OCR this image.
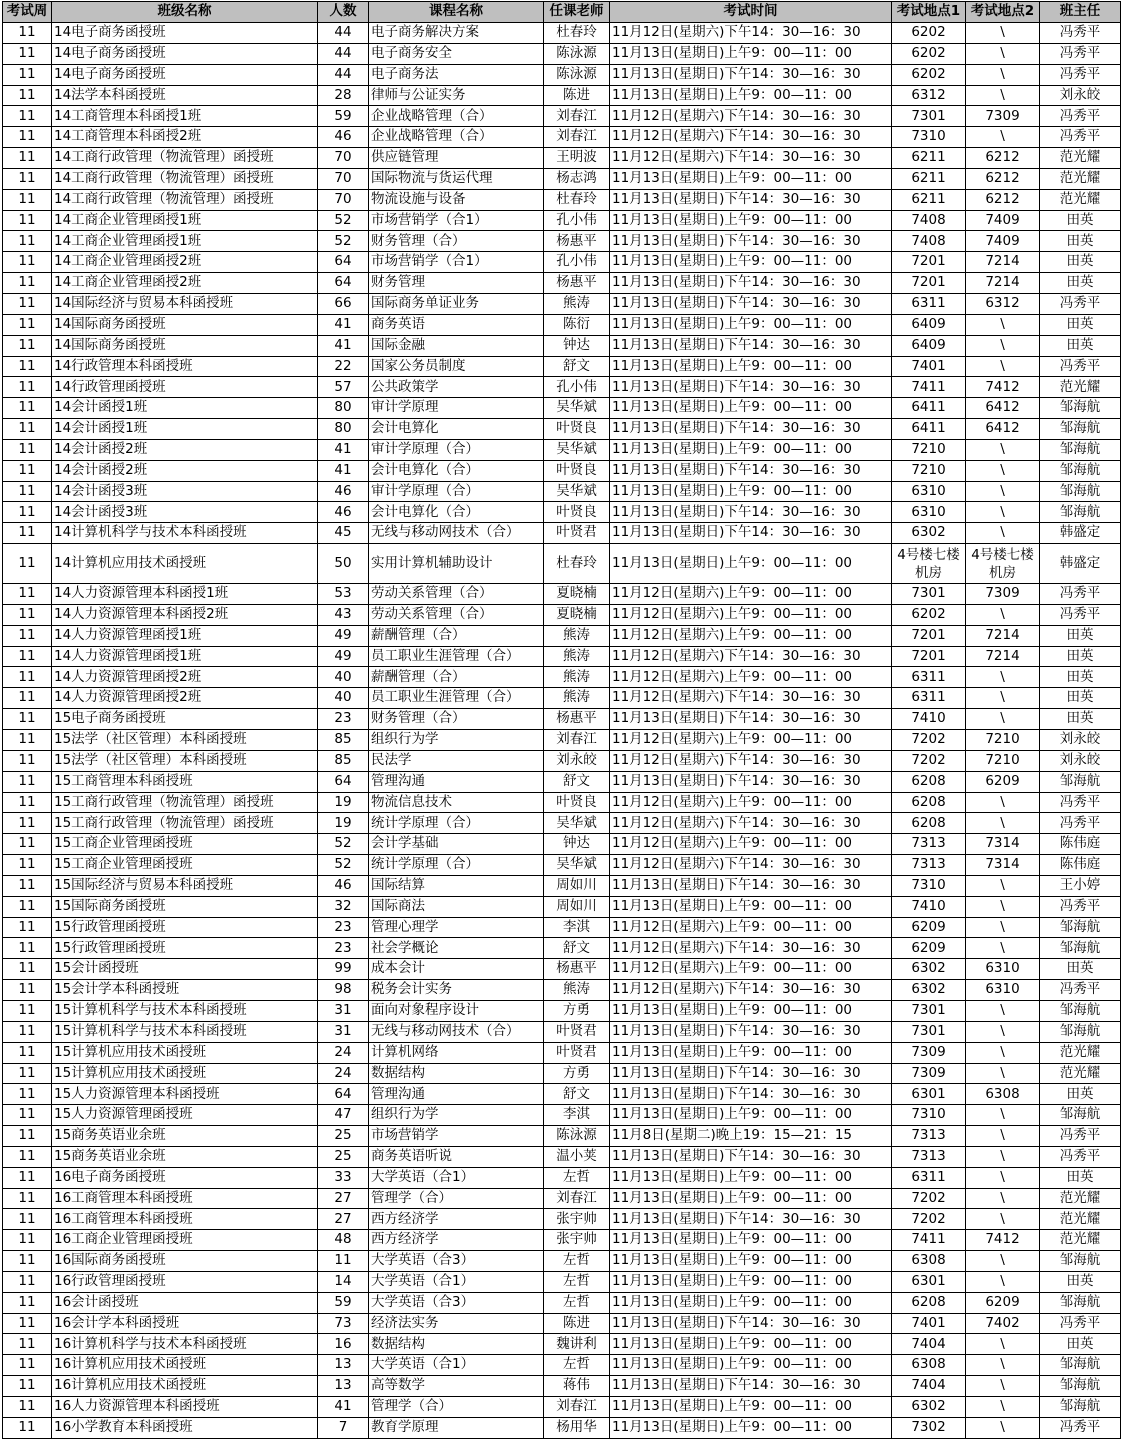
考试周	班级名称	人数	课程名称	任课老师	考试时间	考试地点1	考试地点2	班主任
11	14电子商务函授班	44	电子商务解决方案	杜春玲	11月12日(星期六)下午14：30—16：30	6202	\	冯秀平
11	14电子商务函授班	44	电子商务安全	陈泳源	11月13日(星期日)上午9：00—11：00	6202	\	冯秀平
11	14电子商务函授班	44	电子商务法	陈泳源	11月13日(星期日)下午14：30—16：30	6202	\	冯秀平
11	14法学本科函授班	28	律师与公证实务	陈进	11月13日(星期日)上午9：00—11：00	6312	\	刘永皎
11	14工商管理本科函授1班	59	企业战略管理（合）	刘春江	11月12日(星期六)下午14：30—16：30	7301	7309	冯秀平
11	14工商管理本科函授2班	46	企业战略管理（合）	刘春江	11月12日(星期六)下午14：30—16：30	7310	\	冯秀平
11	14工商行政管理（物流管理）函授班	70	供应链管理	王明波	11月12日(星期六)下午14：30—16：30	6211	6212	范光耀
11	14工商行政管理（物流管理）函授班	70	国际物流与货运代理	杨志鸿	11月13日(星期日)上午9：00—11：00	6211	6212	范光耀
11	14工商行政管理（物流管理）函授班	70	物流设施与设备	杜春玲	11月13日(星期日)下午14：30—16：30	6211	6212	范光耀
11	14工商企业管理函授1班	52	市场营销学（合1）	孔小伟	11月13日(星期日)上午9：00—11：00	7408	7409	田英
11	14工商企业管理函授1班	52	财务管理（合）	杨惠平	11月13日(星期日)下午14：30—16：30	7408	7409	田英
11	14工商企业管理函授2班	64	市场营销学（合1）	孔小伟	11月13日(星期日)上午9：00—11：00	7201	7214	田英
11	14工商企业管理函授2班	64	财务管理	杨惠平	11月13日(星期日)下午14：30—16：30	7201	7214	田英
11	14国际经济与贸易本科函授班	66	国际商务单证业务	熊涛	11月13日(星期日)下午14：30—16：30	6311	6312	冯秀平
11	14国际商务函授班	41	商务英语	陈衍	11月13日(星期日)上午9：00—11：00	6409	\	田英
11	14国际商务函授班	41	国际金融	钟达	11月13日(星期日)下午14：30—16：30	6409	\	田英
11	14行政管理本科函授班	22	国家公务员制度	舒文	11月13日(星期日)上午9：00—11：00	7401	\	冯秀平
11	14行政管理函授班	57	公共政策学	孔小伟	11月13日(星期日)下午14：30—16：30	7411	7412	范光耀
11	14会计函授1班	80	审计学原理	吴华斌	11月13日(星期日)上午9：00—11：00	6411	6412	邹海航
11	14会计函授1班	80	会计电算化	叶贤良	11月13日(星期日)下午14：30—16：30	6411	6412	邹海航
11	14会计函授2班	41	审计学原理（合）	吴华斌	11月13日(星期日)上午9：00—11：00	7210	\	邹海航
11	14会计函授2班	41	会计电算化（合）	叶贤良	11月13日(星期日)下午14：30—16：30	7210	\	邹海航
11	14会计函授3班	46	审计学原理（合）	吴华斌	11月13日(星期日)上午9：00—11：00	6310	\	邹海航
11	14会计函授3班	46	会计电算化（合）	叶贤良	11月13日(星期日)下午14：30—16：30	6310	\	邹海航
11	14计算机科学与技术本科函授班	45	无线与移动网技术（合）	叶贤君	11月13日(星期日)下午14：30—16：30	6302	\	韩盛定
11	14计算机应用技术函授班	50	实用计算机辅助设计	杜春玲	11月13日(星期日)上午9：00—11：00	4号楼七楼机房	4号楼七楼机房	韩盛定
11	14人力资源管理本科函授1班	53	劳动关系管理（合）	夏晓楠	11月12日(星期六)上午9：00—11：00	7301	7309	冯秀平
11	14人力资源管理本科函授2班	43	劳动关系管理（合）	夏晓楠	11月12日(星期六)上午9：00—11：00	6202	\	冯秀平
11	14人力资源管理函授1班	49	薪酬管理（合）	熊涛	11月12日(星期六)上午9：00—11：00	7201	7214	田英
11	14人力资源管理函授1班	49	员工职业生涯管理（合）	熊涛	11月12日(星期六)下午14：30—16：30	7201	7214	田英
11	14人力资源管理函授2班	40	薪酬管理（合）	熊涛	11月12日(星期六)上午9：00—11：00	6311	\	田英
11	14人力资源管理函授2班	40	员工职业生涯管理（合）	熊涛	11月12日(星期六)下午14：30—16：30	6311	\	田英
11	15电子商务函授班	23	财务管理（合）	杨惠平	11月13日(星期日)下午14：30—16：30	7410	\	田英
11	15法学（社区管理）本科函授班	85	组织行为学	刘春江	11月12日(星期六)上午9：00—11：00	7202	7210	刘永皎
11	15法学（社区管理）本科函授班	85	民法学	刘永皎	11月12日(星期六)下午14：30—16：30	7202	7210	刘永皎
11	15工商管理本科函授班	64	管理沟通	舒文	11月13日(星期日)下午14：30—16：30	6208	6209	邹海航
11	15工商行政管理（物流管理）函授班	19	物流信息技术	叶贤良	11月12日(星期六)上午9：00—11：00	6208	\	冯秀平
11	15工商行政管理（物流管理）函授班	19	统计学原理（合）	吴华斌	11月12日(星期六)下午14：30—16：30	6208	\	冯秀平
11	15工商企业管理函授班	52	会计学基础	钟达	11月12日(星期六)上午9：00—11：00	7313	7314	陈伟庭
11	15工商企业管理函授班	52	统计学原理（合）	吴华斌	11月12日(星期六)下午14：30—16：30	7313	7314	陈伟庭
11	15国际经济与贸易本科函授班	46	国际结算	周如川	11月13日(星期日)下午14：30—16：30	7310	\	王小婷
11	15国际商务函授班	32	国际商法	周如川	11月13日(星期日)上午9：00—11：00	7410	\	冯秀平
11	15行政管理函授班	23	管理心理学	李淇	11月12日(星期六)上午9：00—11：00	6209	\	邹海航
11	15行政管理函授班	23	社会学概论	舒文	11月12日(星期六)下午14：30—16：30	6209	\	邹海航
11	15会计函授班	99	成本会计	杨惠平	11月12日(星期六)上午9：00—11：00	6302	6310	田英
11	15会计学本科函授班	98	税务会计实务	熊涛	11月12日(星期六)下午14：30—16：30	6302	6310	冯秀平
11	15计算机科学与技术本科函授班	31	面向对象程序设计	方勇	11月13日(星期日)上午9：00—11：00	7301	\	邹海航
11	15计算机科学与技术本科函授班	31	无线与移动网技术（合）	叶贤君	11月13日(星期日)下午14：30—16：30	7301	\	邹海航
11	15计算机应用技术函授班	24	计算机网络	叶贤君	11月13日(星期日)上午9：00—11：00	7309	\	范光耀
11	15计算机应用技术函授班	24	数据结构	方勇	11月13日(星期日)下午14：30—16：30	7309	\	范光耀
11	15人力资源管理本科函授班	64	管理沟通	舒文	11月13日(星期日)下午14：30—16：30	6301	6308	田英
11	15人力资源管理函授班	47	组织行为学	李淇	11月13日(星期日)上午9：00—11：00	7310	\	邹海航
11	15商务英语业余班	25	市场营销学	陈泳源	11月8日(星期二)晚上19：15—21：15	7313	\	冯秀平
11	15商务英语业余班	25	商务英语听说	温小荚	11月13日(星期日)下午14：30—16：30	7313	\	冯秀平
11	16电子商务函授班	33	大学英语（合1）	左哲	11月13日(星期日)上午9：00—11：00	6311	\	田英
11	16工商管理本科函授班	27	管理学（合）	刘春江	11月13日(星期日)上午9：00—11：00	7202	\	范光耀
11	16工商管理本科函授班	27	西方经济学	张宇帅	11月13日(星期日)下午14：30—16：30	7202	\	范光耀
11	16工商企业管理函授班	48	西方经济学	张宇帅	11月13日(星期日)上午9：00—11：00	7411	7412	范光耀
11	16国际商务函授班	11	大学英语（合3）	左哲	11月13日(星期日)上午9：00—11：00	6308	\	邹海航
11	16行政管理函授班	14	大学英语（合1）	左哲	11月13日(星期日)上午9：00—11：00	6301	\	田英
11	16会计函授班	59	大学英语（合3）	左哲	11月13日(星期日)上午9：00—11：00	6208	6209	邹海航
11	16会计学本科函授班	73	经济法实务	陈进	11月13日(星期日)下午14：30—16：30	7401	7402	冯秀平
11	16计算机科学与技术本科函授班	16	数据结构	魏讲利	11月13日(星期日)上午9：00—11：00	7404	\	田英
11	16计算机应用技术函授班	13	大学英语（合1）	左哲	11月13日(星期日)上午9：00—11：00	6308	\	邹海航
11	16计算机应用技术函授班	13	高等数学	蒋伟	11月13日(星期日)下午14：30—16：30	7404	\	邹海航
11	16人力资源管理本科函授班	41	管理学（合）	刘春江	11月13日(星期日)上午9：00—11：00	6302	\	邹海航
11	16小学教育本科函授班	7	教育学原理	杨用华	11月13日(星期日)上午9：00—11：00	7302	\	冯秀平
